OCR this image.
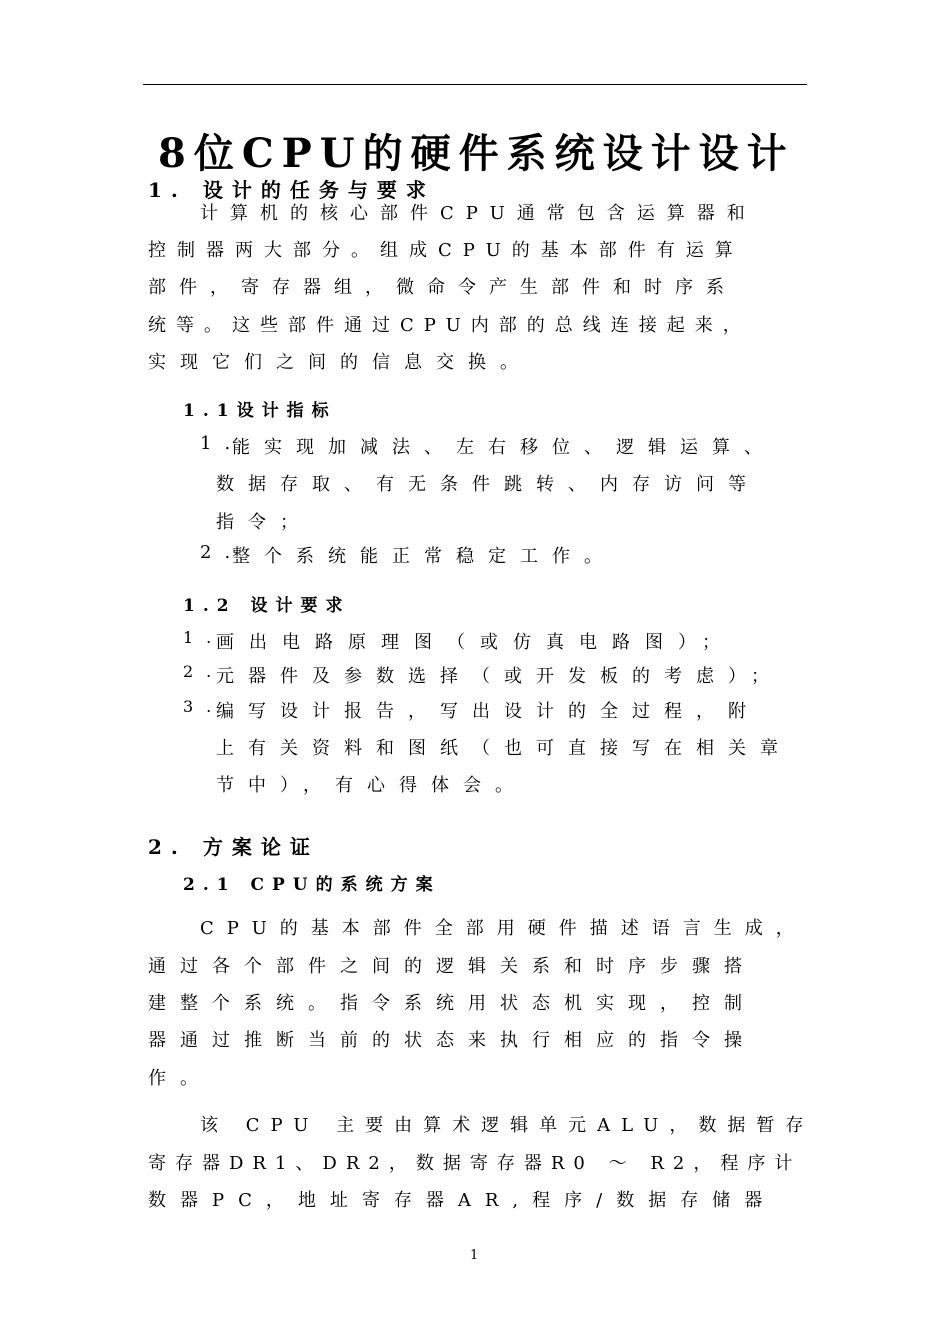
8位CPU的硬件系统设计设计
1. 设计的任务与要求
计算机的核心部件CPU通常包含运算器和
控制器两大部分。组成CPU的基本部件有运算
部件，寄存器组，微命令产生部件和时序系
统等。这些部件通过CPU内部的总线连接起来，
实现它们之间的信息交换。
1.1设计指标
1.
能实现加减法、左右移位、逻辑运算、
数据存取、有无条件跳转、内存访问等
指令；
2.
整个系统能正常稳定工作。
1.2 设计要求
1.
画出电路原理图（或仿真电路图）；
2.
元器件及参数选择（或开发板的考虑）；
3.
编写设计报告，写出设计的全过程，附
上有关资料和图纸（也可直接写在相关章
节中），有心得体会。
2. 方案论证
2.1 CPU的系统方案
CPU的基本部件全部用硬件描述语言生成，
通过各个部件之间的逻辑关系和时序步骤搭
建整个系统。指令系统用状态机实现，控制
器通过推断当前的状态来执行相应的指令操
作。
该 CPU 主要由算术逻辑单元ALU，数据暂存
寄存器DR1、DR2，数据寄存器R0 ～ R2，程序计
数器PC，地址寄存器AR,程序/数据存储器
1
